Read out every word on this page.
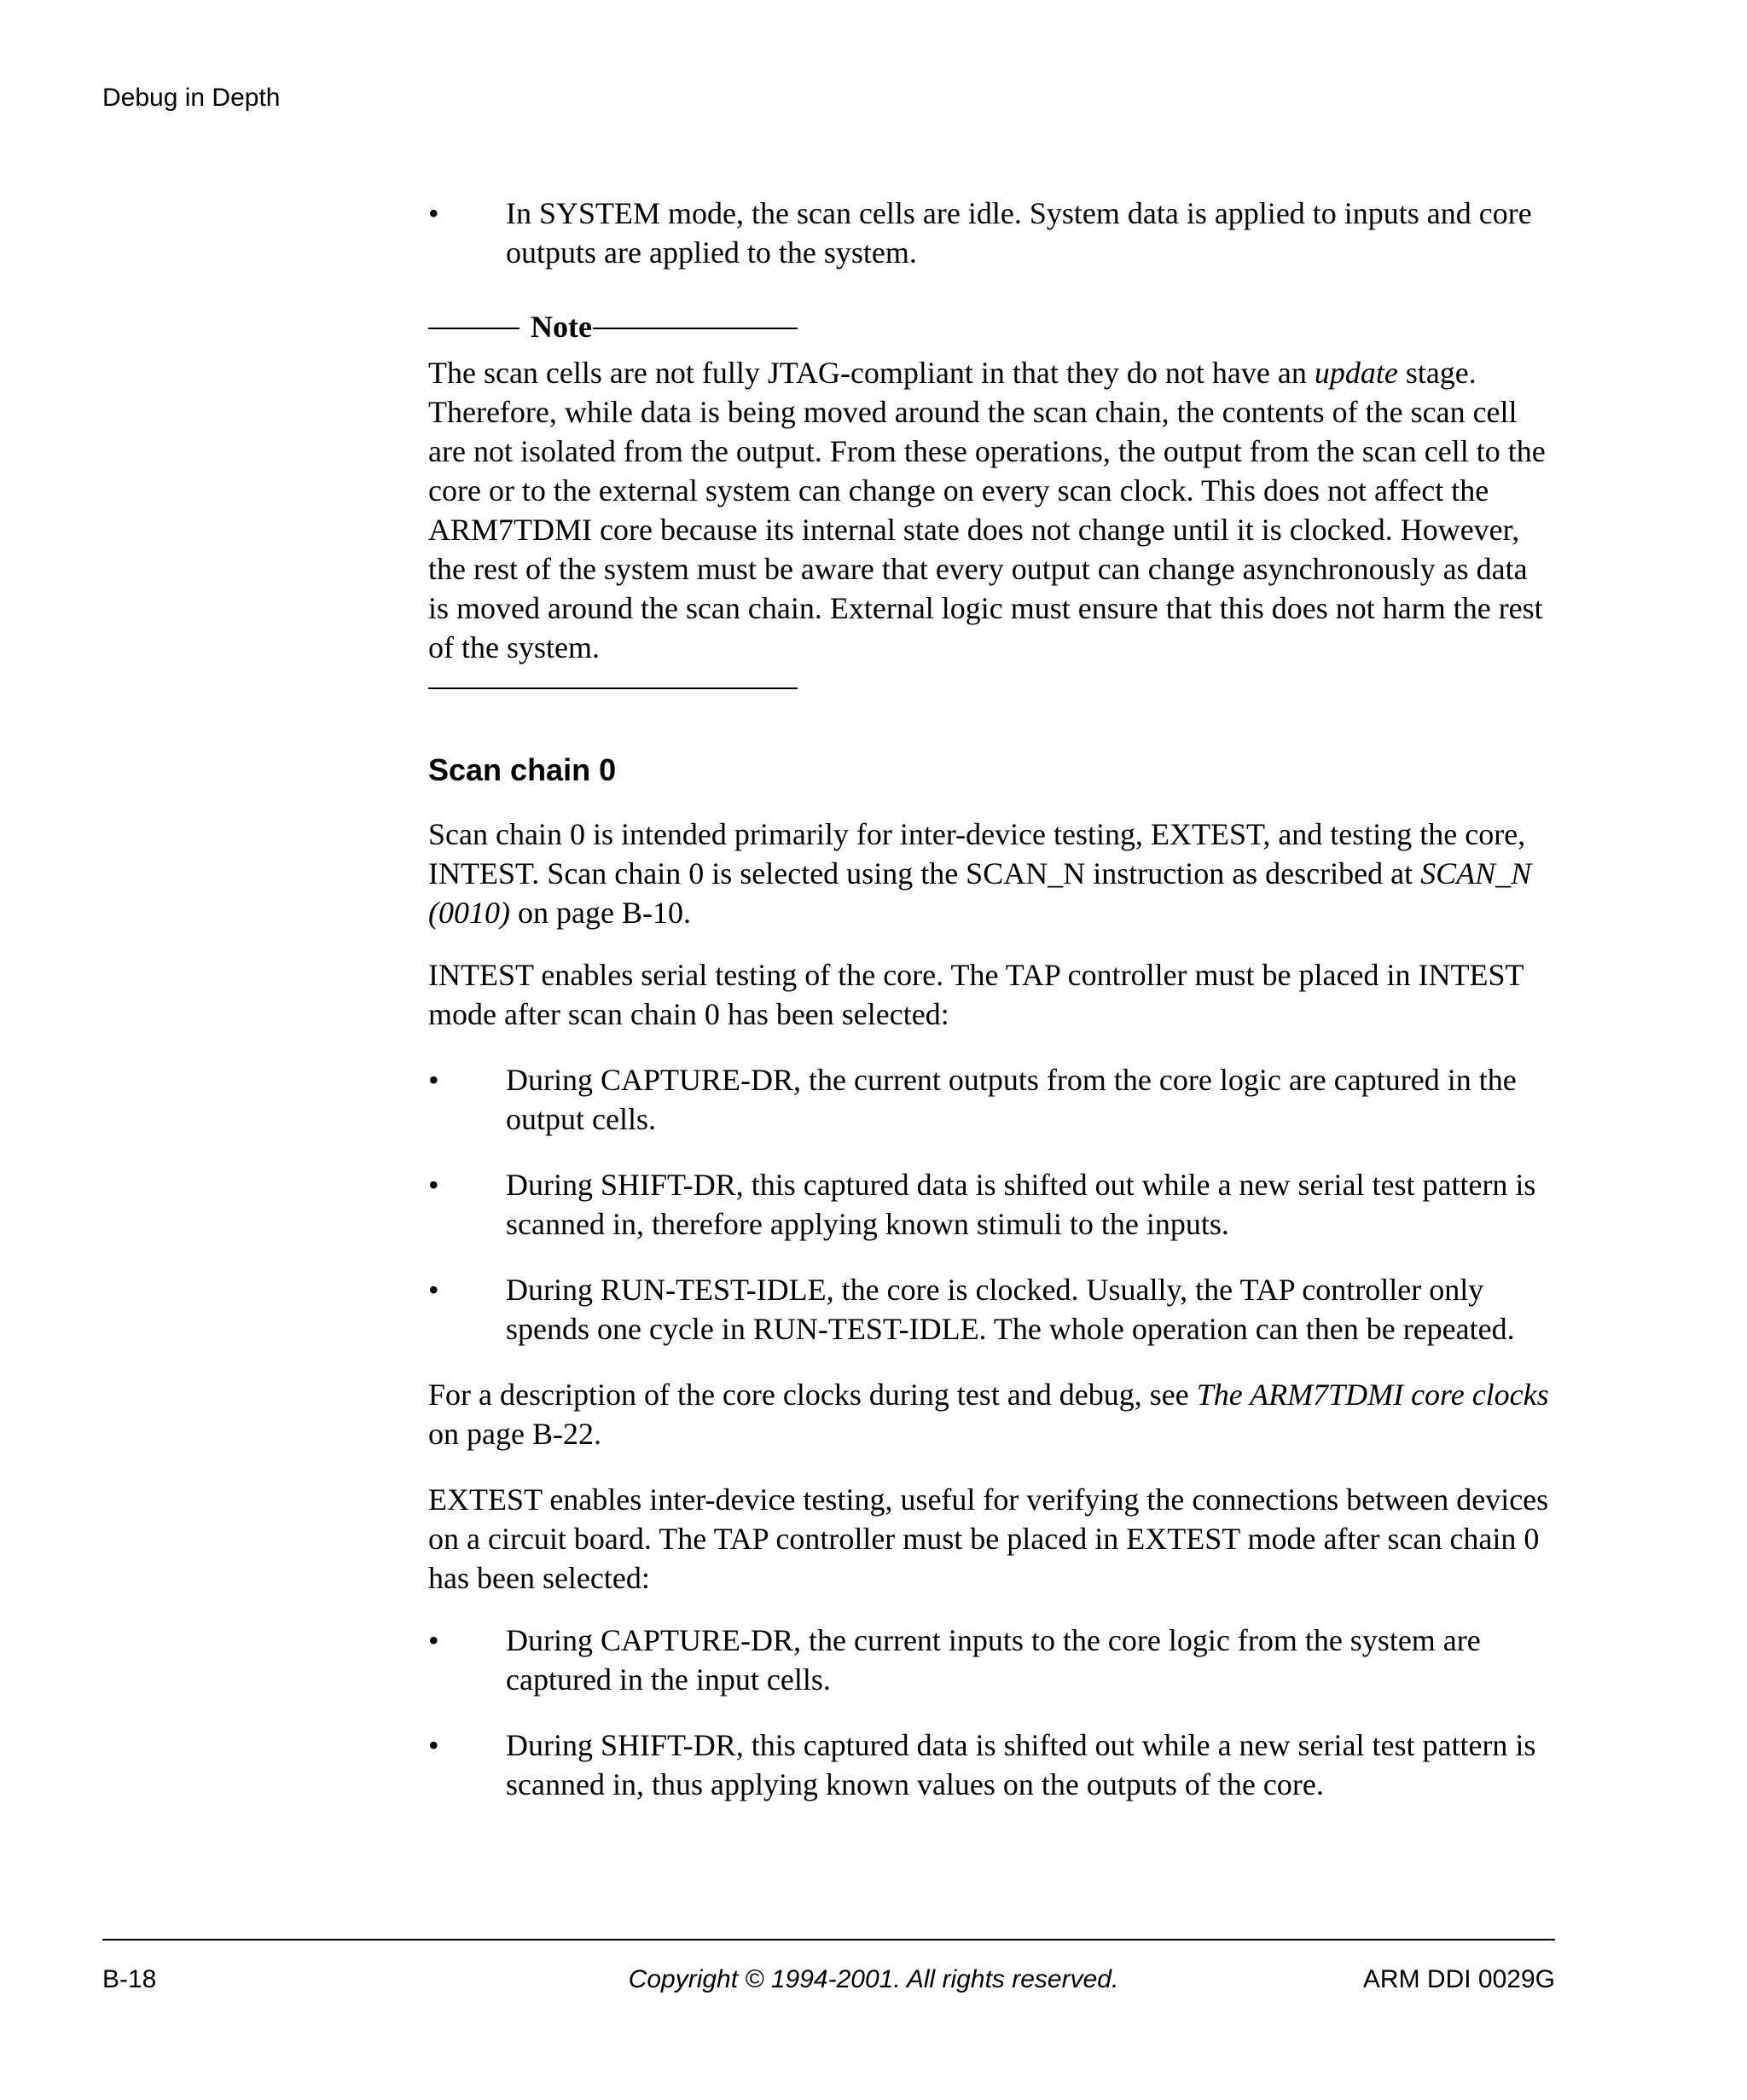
Debug in Depth
• In SYSTEM mode, the scan cells are idle. System data is applied to inputs and core outputs are applied to the system.
Note

The scan cells are not fully JTAG-compliant in that they do not have an update stage. Therefore, while data is being moved around the scan chain, the contents of the scan cell are not isolated from the output. From these operations, the output from the scan cell to the core or to the external system can change on every scan clock. This does not affect the ARM7TDMI core because its internal state does not change until it is clocked. However, the rest of the system must be aware that every output can change asynchronously as data is moved around the scan chain. External logic must ensure that this does not harm the rest of the system.

Scan chain 0

Scan chain 0 is intended primarily for inter-device testing, EXTEST, and testing the core, INTEST. Scan chain 0 is selected using the SCAN_N instruction as described at SCAN_N (0010) on page B-10.

INTEST enables serial testing of the core. The TAP controller must be placed in INTEST mode after scan chain 0 has been selected:

• During CAPTURE-DR, the current outputs from the core logic are captured in the output cells.
• During SHIFT-DR, this captured data is shifted out while a new serial test pattern is scanned in, therefore applying known stimuli to the inputs.
• During RUN-TEST-IDLE, the core is clocked. Usually, the TAP controller only spends one cycle in RUN-TEST-IDLE. The whole operation can then be repeated.

For a description of the core clocks during test and debug, see The ARM7TDMI core clocks on page B-22.

EXTEST enables inter-device testing, useful for verifying the connections between devices on a circuit board. The TAP controller must be placed in EXTEST mode after scan chain 0 has been selected:

• During CAPTURE-DR, the current inputs to the core logic from the system are captured in the input cells.
• During SHIFT-DR, this captured data is shifted out while a new serial test pattern is scanned in, thus applying known values on the outputs of the core.
B-18	Copyright © 1994-2001. All rights reserved.	ARM DDI 0029G
